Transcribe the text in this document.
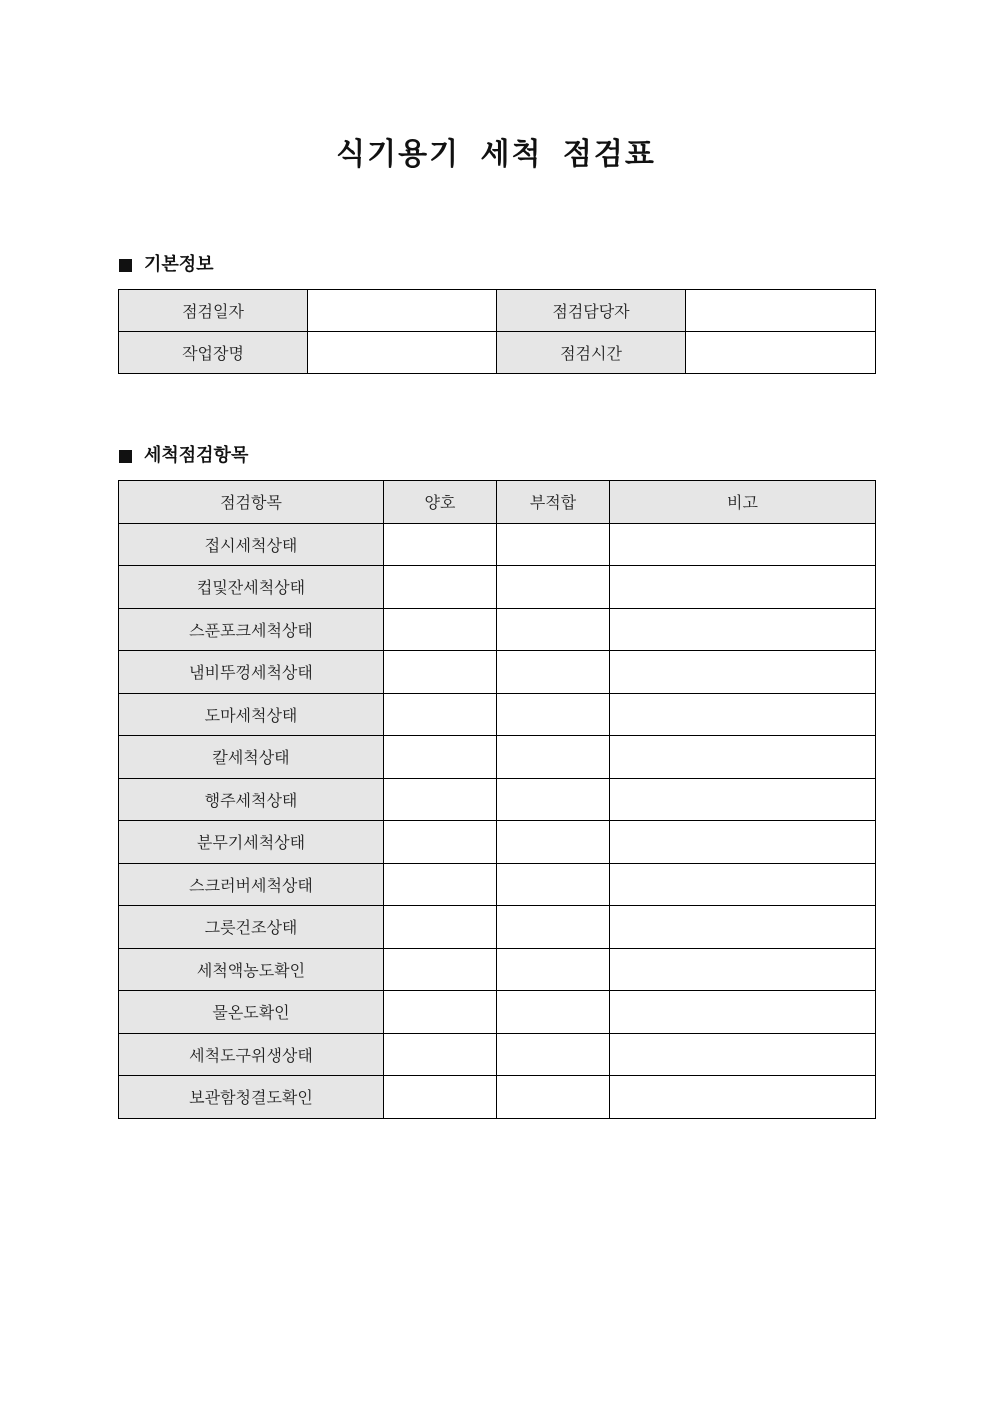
식기용기 세척 점검표
기본정보
점검일자		점검담당자	
작업장명		점검시간	
세척점검항목
점검항목	양호	부적합	비고
접시세척상태			
컵및잔세척상태			
스푼포크세척상태			
냄비뚜껑세척상태			
도마세척상태			
칼세척상태			
행주세척상태			
분무기세척상태			
스크러버세척상태			
그릇건조상태			
세척액농도확인			
물온도확인			
세척도구위생상태			
보관함청결도확인			
